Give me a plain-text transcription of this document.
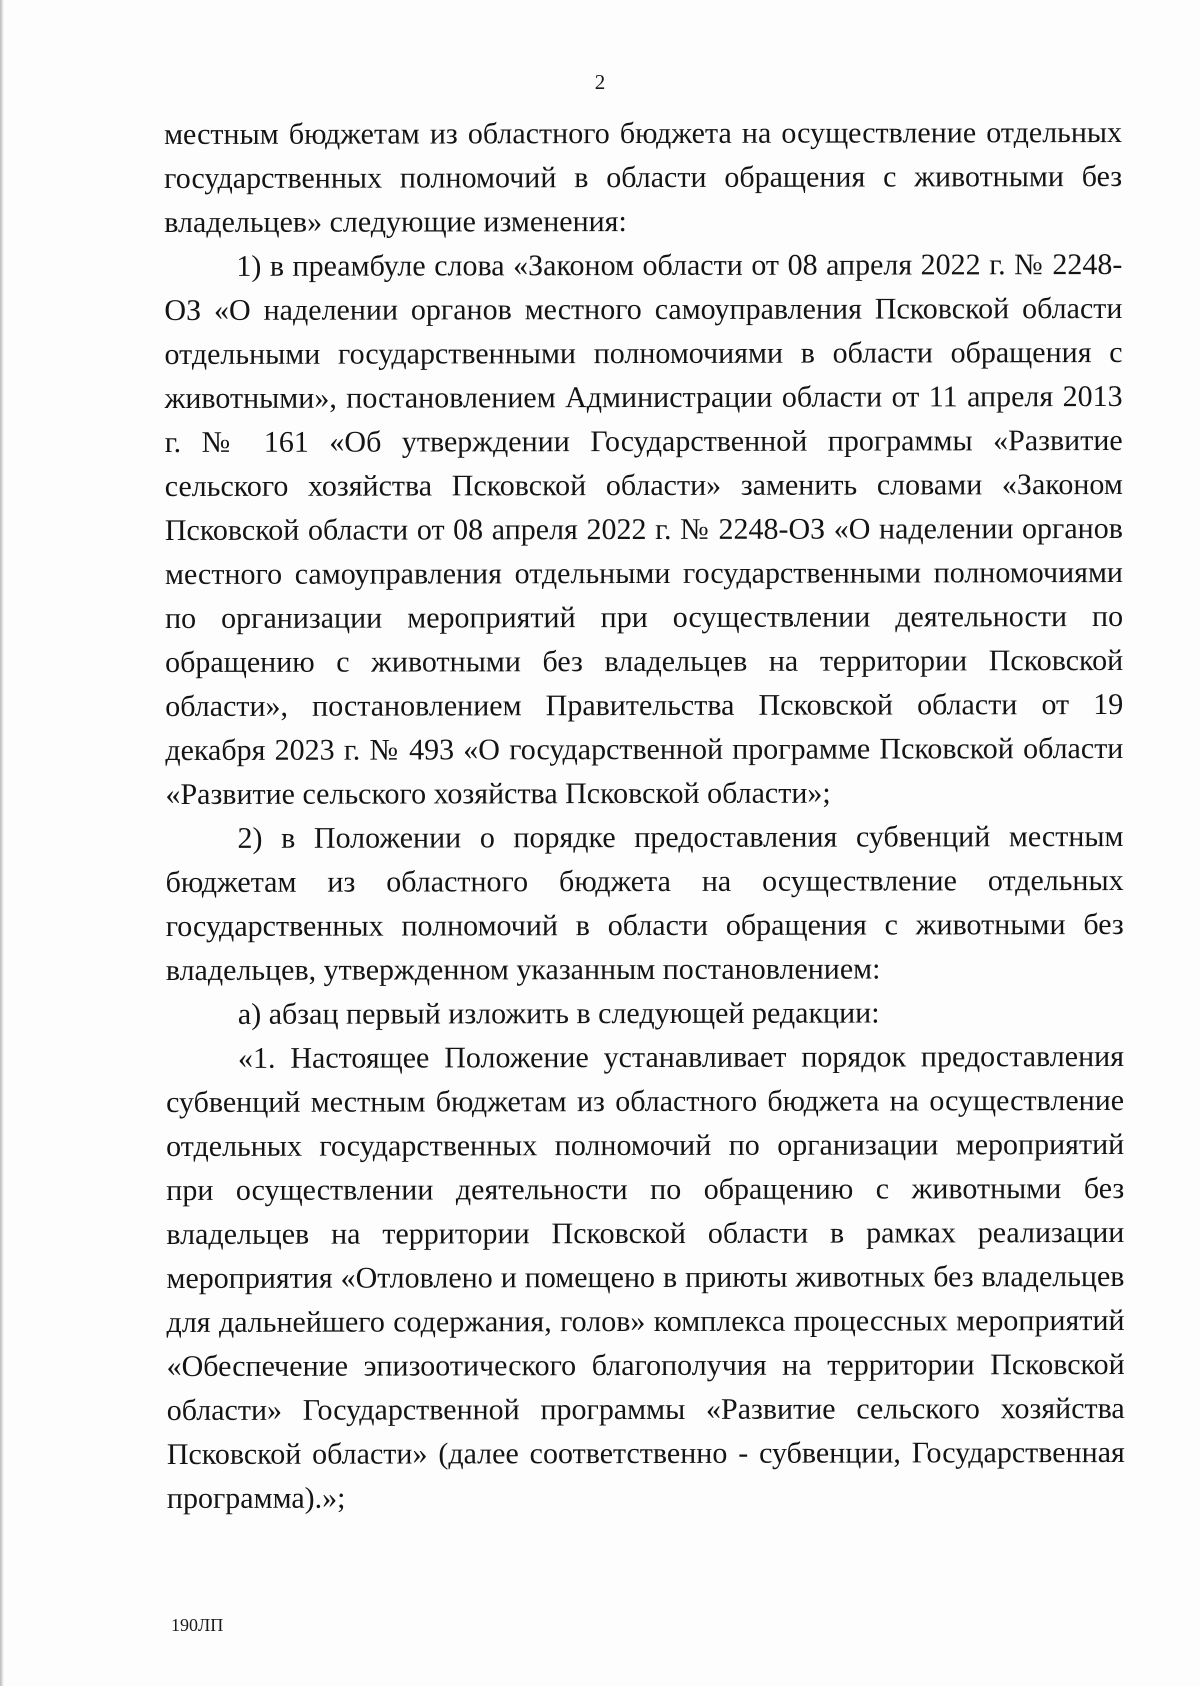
2

местным бюджетам из областного бюджета на осуществление отдельных государственных полномочий в области обращения с животными без владельцев» следующие изменения:

1) в преамбуле слова «Законом области от 08 апреля 2022 г. № 2248-ОЗ «О наделении органов местного самоуправления Псковской области отдельными государственными полномочиями в области обращения с животными», постановлением Администрации области от 11 апреля 2013 г. № 161 «Об утверждении Государственной программы «Развитие сельского хозяйства Псковской области» заменить словами «Законом Псковской области от 08 апреля 2022 г. № 2248-ОЗ «О наделении органов местного самоуправления отдельными государственными полномочиями по организации мероприятий при осуществлении деятельности по обращению с животными без владельцев на территории Псковской области», постановлением Правительства Псковской области от 19 декабря 2023 г. № 493 «О государственной программе Псковской области «Развитие сельского хозяйства Псковской области»;

2) в Положении о порядке предоставления субвенций местным бюджетам из областного бюджета на осуществление отдельных государственных полномочий в области обращения с животными без владельцев, утвержденном указанным постановлением:

а) абзац первый изложить в следующей редакции:

«1. Настоящее Положение устанавливает порядок предоставления субвенций местным бюджетам из областного бюджета на осуществление отдельных государственных полномочий по организации мероприятий при осуществлении деятельности по обращению с животными без владельцев на территории Псковской области в рамках реализации мероприятия «Отловлено и помещено в приюты животных без владельцев для дальнейшего содержания, голов» комплекса процессных мероприятий «Обеспечение эпизоотического благополучия на территории Псковской области» Государственной программы «Развитие сельского хозяйства Псковской области» (далее соответственно - субвенции, Государственная программа).»;

190ЛП
